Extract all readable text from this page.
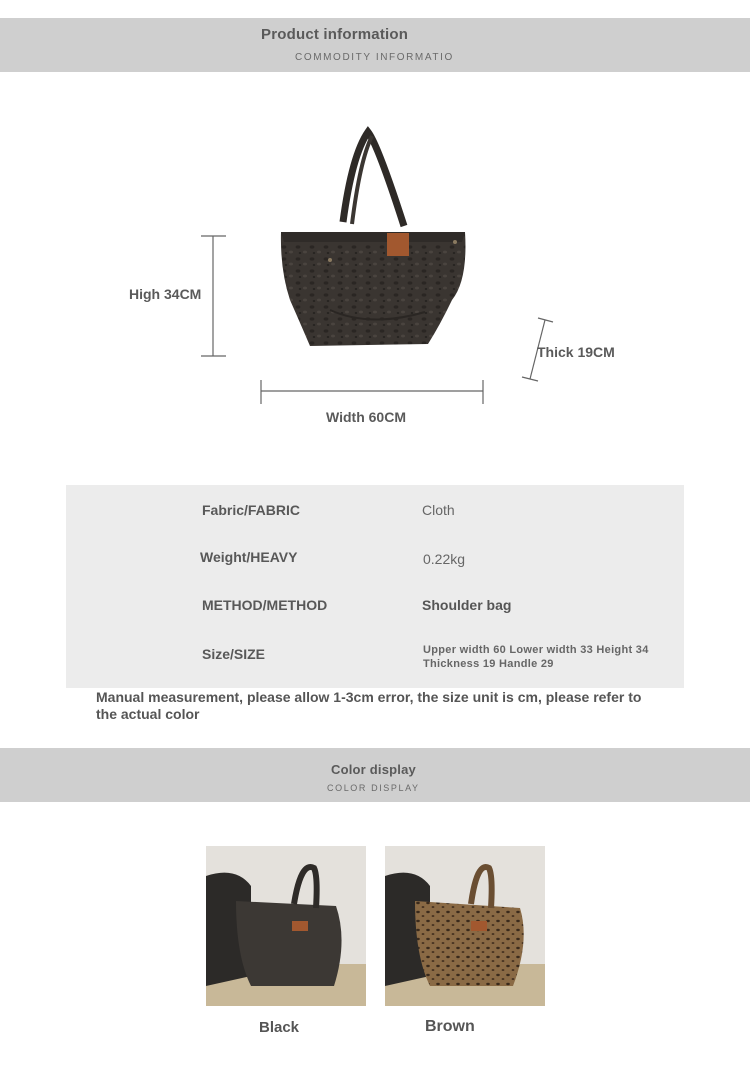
Product information
COMMODITY INFORMATIO
High 34CM
Width 60CM
Thick 19CM
Fabric/FABRIC	Cloth
Weight/HEAVY	0.22kg
METHOD/METHOD	Shoulder bag
Size/SIZE	Upper width 60 Lower width 33 Height 34 Thickness 19 Handle 29
Manual measurement, please allow 1-3cm error, the size unit is cm, please refer to the actual color
Color display
COLOR DISPLAY
Black	Brown
